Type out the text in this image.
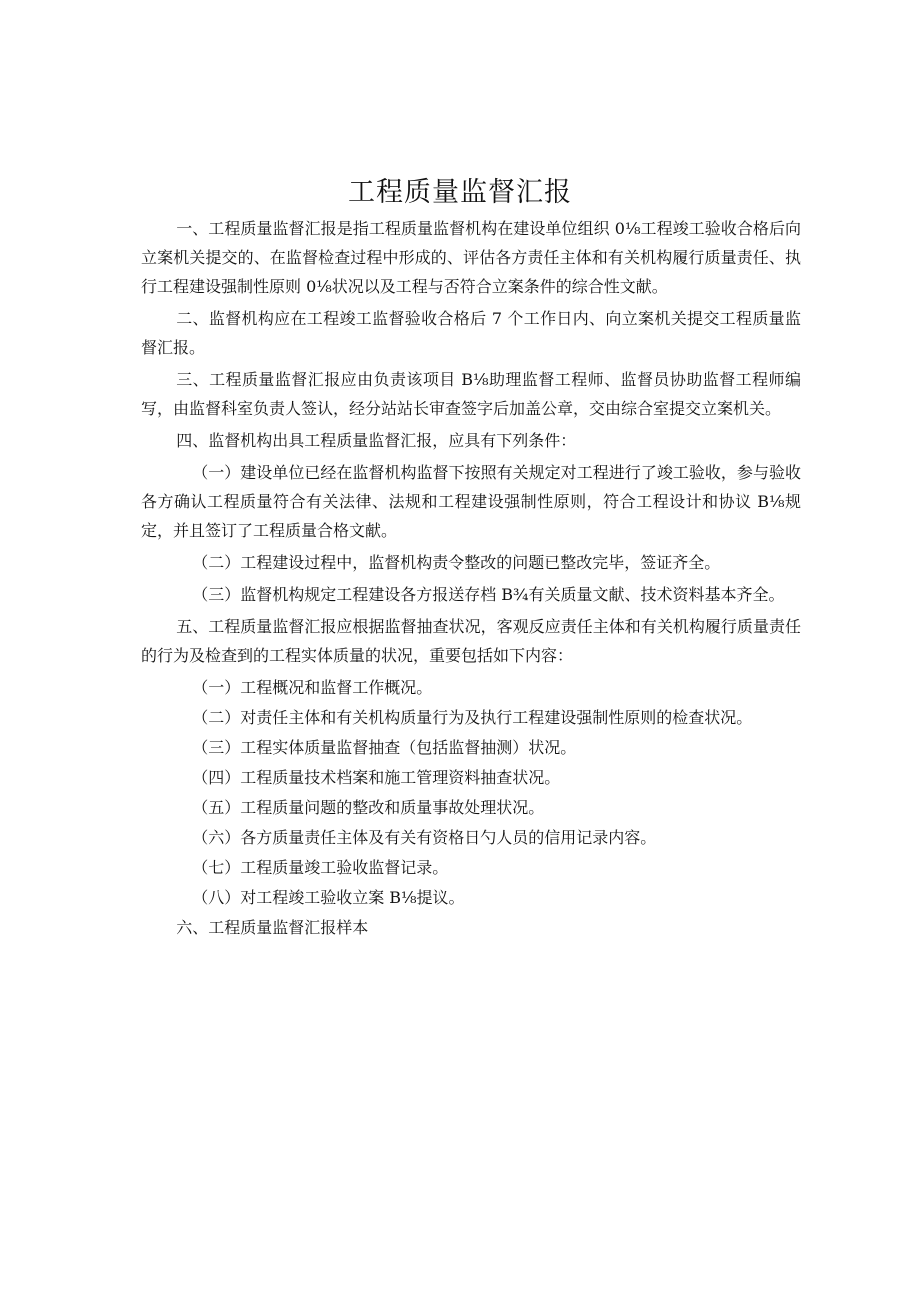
工程质量监督汇报

一、工程质量监督汇报是指工程质量监督机构在建设单位组织 0⅛工程竣工验收合格后向立案机关提交的、在监督检查过程中形成的、评估各方责任主体和有关机构履行质量责任、执行工程建设强制性原则 0⅛状况以及工程与否符合立案条件的综合性文献。

二、监督机构应在工程竣工监督验收合格后 7 个工作日内、向立案机关提交工程质量监督汇报。

三、工程质量监督汇报应由负责该项目 B⅛助理监督工程师、监督员协助监督工程师编写，由监督科室负责人签认，经分站站长审查签字后加盖公章，交由综合室提交立案机关。

四、监督机构出具工程质量监督汇报，应具有下列条件：

（一）建设单位已经在监督机构监督下按照有关规定对工程进行了竣工验收，参与验收各方确认工程质量符合有关法律、法规和工程建设强制性原则，符合工程设计和协议 B⅛规定，并且签订了工程质量合格文献。

（二）工程建设过程中，监督机构责令整改的问题已整改完毕，签证齐全。

（三）监督机构规定工程建设各方报送存档 B¾有关质量文献、技术资料基本齐全。

五、工程质量监督汇报应根据监督抽查状况，客观反应责任主体和有关机构履行质量责任的行为及检查到的工程实体质量的状况，重要包括如下内容：

（一）工程概况和监督工作概况。

（二）对责任主体和有关机构质量行为及执行工程建设强制性原则的检查状况。

（三）工程实体质量监督抽查（包括监督抽测）状况。

（四）工程质量技术档案和施工管理资料抽查状况。

（五）工程质量问题的整改和质量事故处理状况。

（六）各方质量责任主体及有关有资格日勺人员的信用记录内容。

（七）工程质量竣工验收监督记录。

（八）对工程竣工验收立案 B⅛提议。

六、工程质量监督汇报样本
